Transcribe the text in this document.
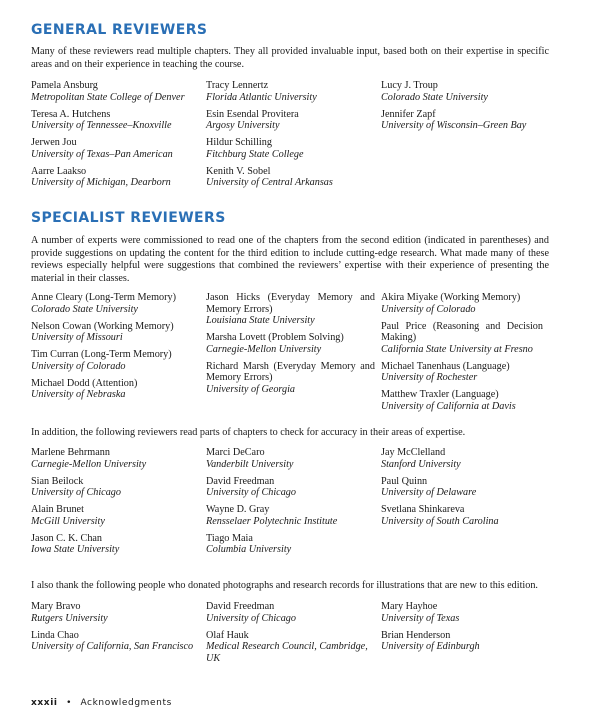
GENERAL REVIEWERS

Many of these reviewers read multiple chapters. They all provided invaluable input, based both on their expertise in specific areas and on their experience in teaching the course.

Pamela Ansburg
Metropolitan State College of Denver
Teresa A. Hutchens
University of Tennessee–Knoxville
Jerwen Jou
University of Texas–Pan American
Aarre Laakso
University of Michigan, Dearborn
Tracy Lennertz
Florida Atlantic University
Esin Esendal Provitera
Argosy University
Hildur Schilling
Fitchburg State College
Kenith V. Sobel
University of Central Arkansas
Lucy J. Troup
Colorado State University
Jennifer Zapf
University of Wisconsin–Green Bay
SPECIALIST REVIEWERS

A number of experts were commissioned to read one of the chapters from the second edition (indicated in parentheses) and provide suggestions on updating the content for the third edition to include cutting-edge research. What made many of these reviews especially helpful were suggestions that combined the reviewers’ expertise with their experience of presenting the material in their classes.

Anne Cleary (Long-Term Memory)
Colorado State University
Nelson Cowan (Working Memory)
University of Missouri
Tim Curran (Long-Term Memory)
University of Colorado
Michael Dodd (Attention)
University of Nebraska
Jason Hicks (Everyday Memory and Memory Errors)
Louisiana State University
Marsha Lovett (Problem Solving)
Carnegie-Mellon University
Richard Marsh (Everyday Memory and Memory Errors)
University of Georgia
Akira Miyake (Working Memory)
University of Colorado
Paul Price (Reasoning and Decision Making)
California State University at Fresno
Michael Tanenhaus (Language)
University of Rochester
Matthew Traxler (Language)
University of California at Davis

In addition, the following reviewers read parts of chapters to check for accuracy in their areas of expertise.

Marlene Behrmann
Carnegie-Mellon University
Sian Beilock
University of Chicago
Alain Brunet
McGill University
Jason C. K. Chan
Iowa State University
Marci DeCaro
Vanderbilt University
David Freedman
University of Chicago
Wayne D. Gray
Rensselaer Polytechnic Institute
Tiago Maia
Columbia University
Jay McClelland
Stanford University
Paul Quinn
University of Delaware
Svetlana Shinkareva
University of South Carolina

I also thank the following people who donated photographs and research records for illustrations that are new to this edition.

Mary Bravo
Rutgers University
Linda Chao
University of California, San Francisco
David Freedman
University of Chicago
Olaf Hauk
Medical Research Council, Cambridge, UK
Mary Hayhoe
University of Texas
Brian Henderson
University of Edinburgh
xxxii • Acknowledgments
